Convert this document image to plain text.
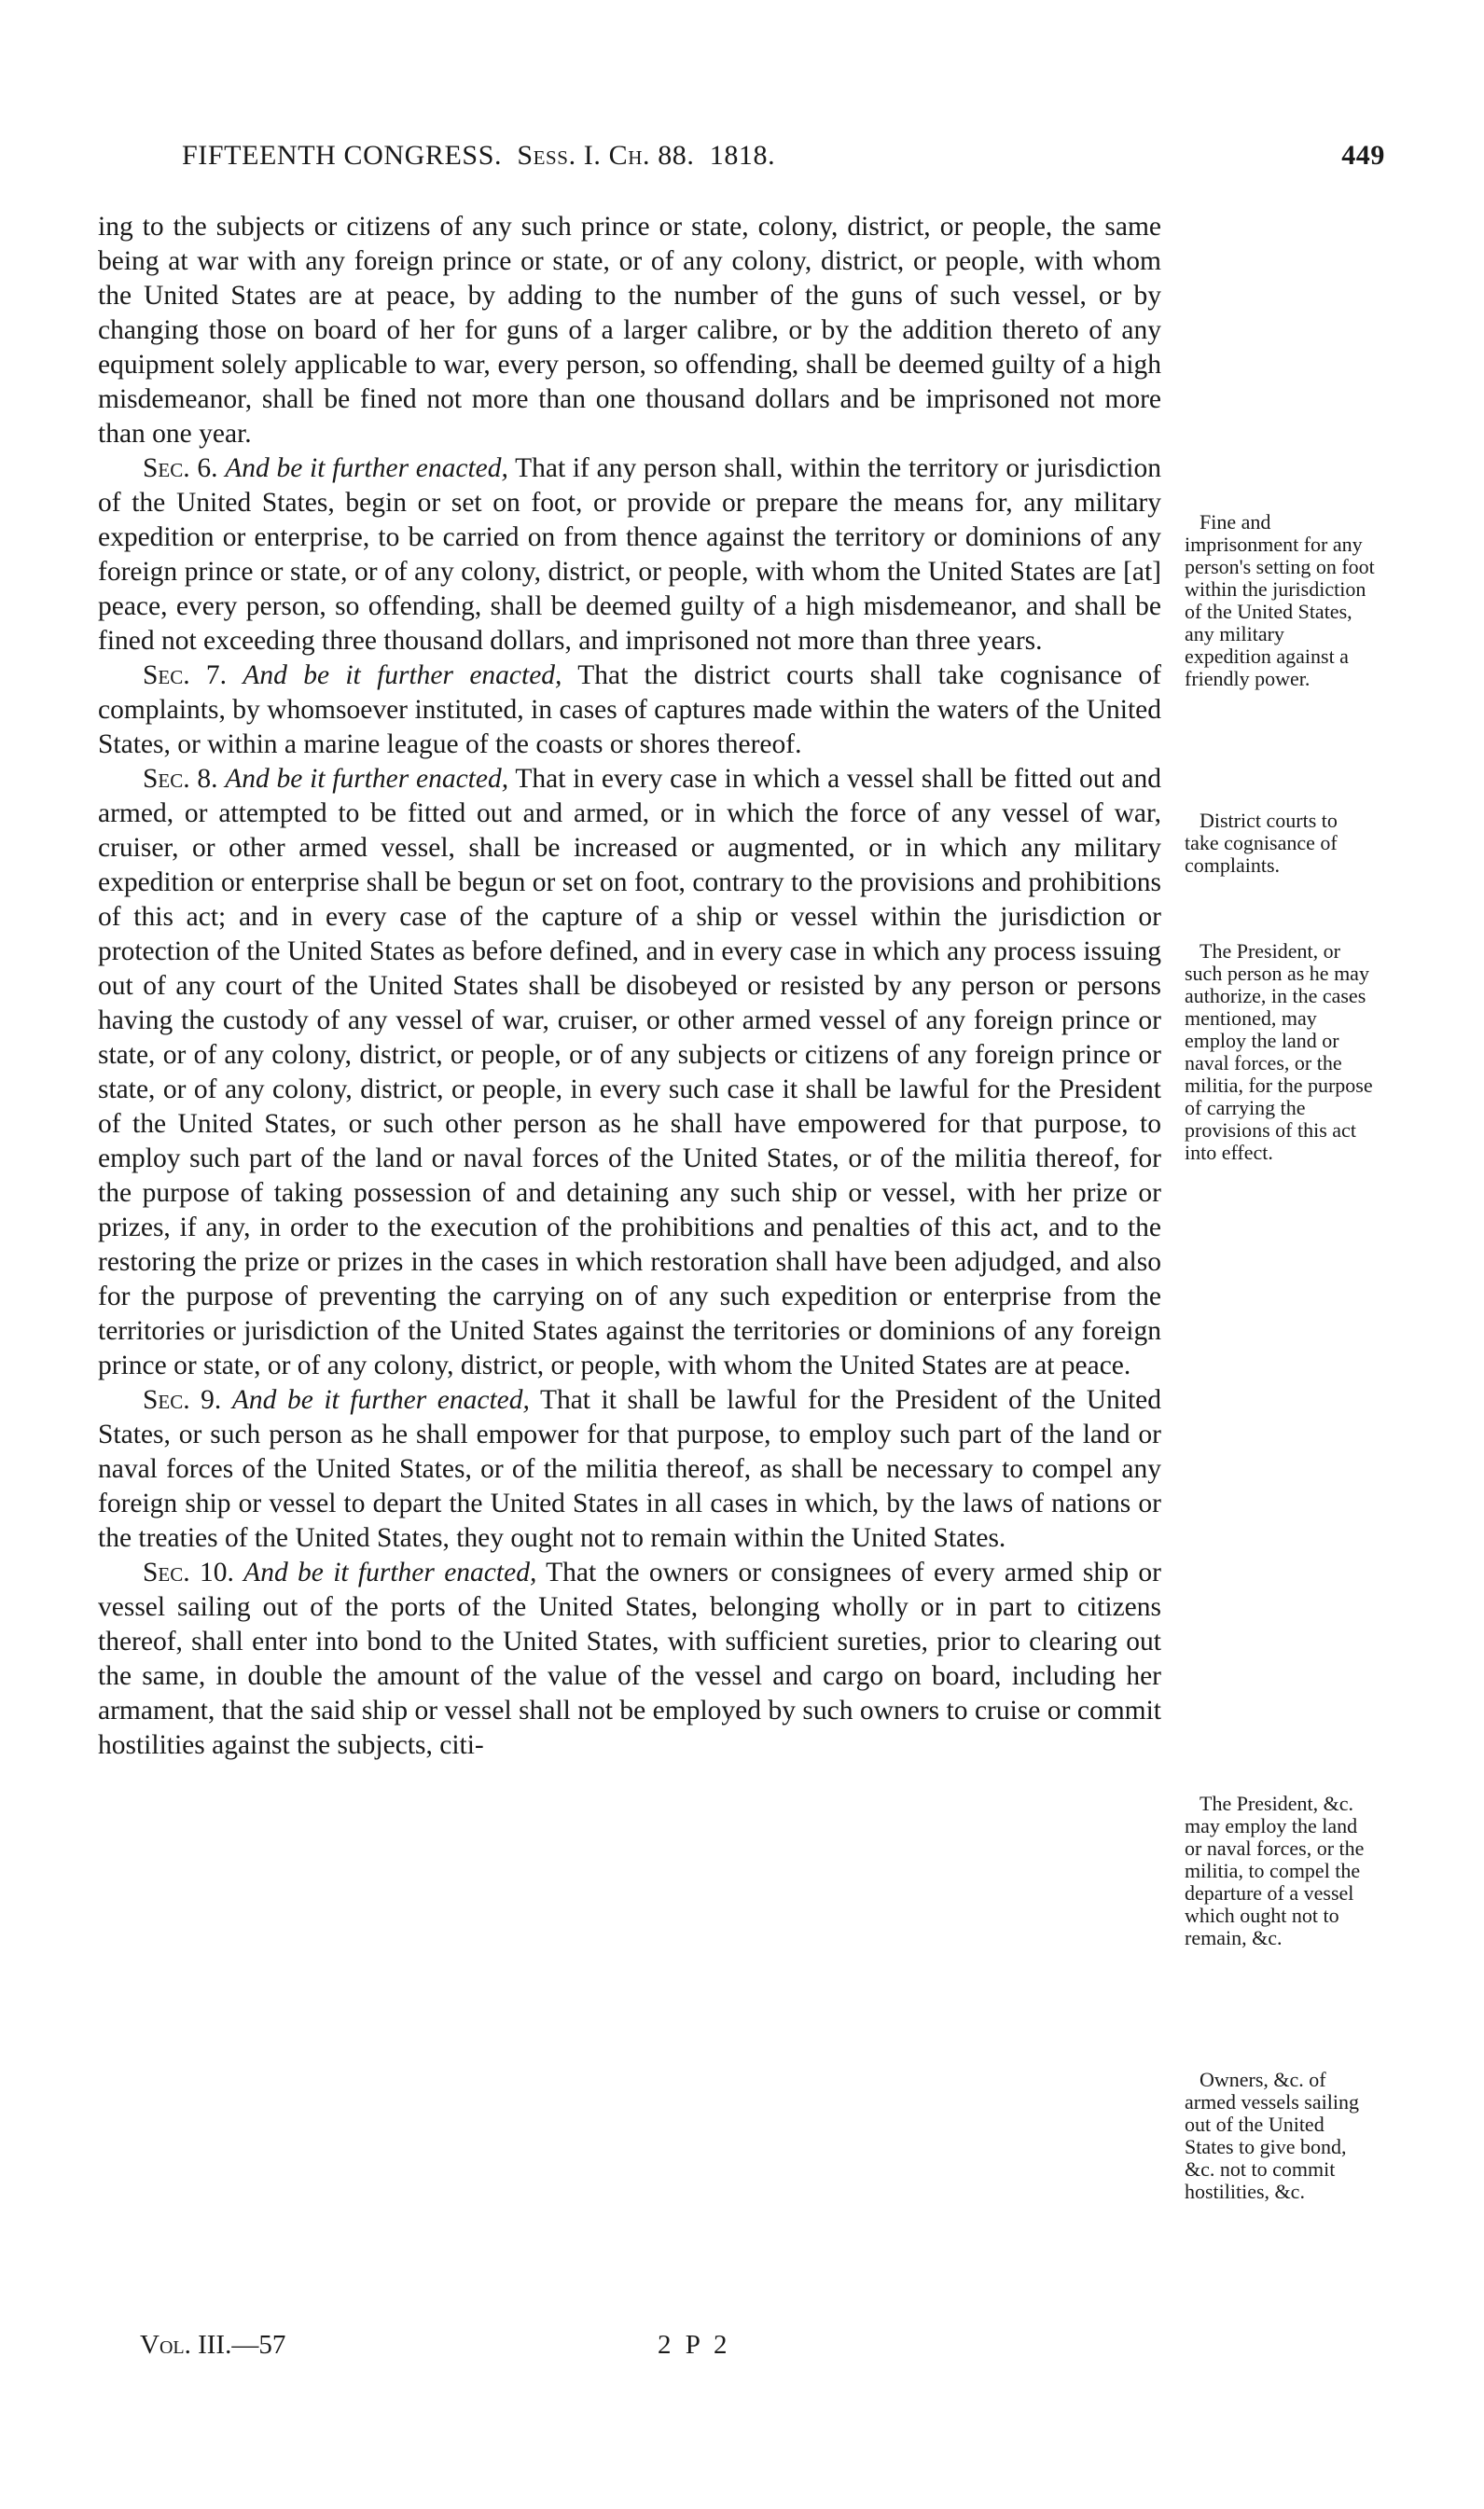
FIFTEENTH CONGRESS. Sess. I. Ch. 88. 1818.	449

ing to the subjects or citizens of any such prince or state, colony, district, or people, the same being at war with any foreign prince or state, or of any colony, district, or people, with whom the United States are at peace, by adding to the number of the guns of such vessel, or by changing those on board of her for guns of a larger calibre, or by the addition thereto of any equipment solely applicable to war, every person, so offending, shall be deemed guilty of a high misdemeanor, shall be fined not more than one thousand dollars and be imprisoned not more than one year.

Sec. 6. And be it further enacted, That if any person shall, within the territory or jurisdiction of the United States, begin or set on foot, or provide or prepare the means for, any military expedition or enterprise, to be carried on from thence against the territory or dominions of any foreign prince or state, or of any colony, district, or people, with whom the United States are [at] peace, every person, so offending, shall be deemed guilty of a high misdemeanor, and shall be fined not exceeding three thousand dollars, and imprisoned not more than three years.

Sec. 7. And be it further enacted, That the district courts shall take cognisance of complaints, by whomsoever instituted, in cases of captures made within the waters of the United States, or within a marine league of the coasts or shores thereof.

Sec. 8. And be it further enacted, That in every case in which a vessel shall be fitted out and armed, or attempted to be fitted out and armed, or in which the force of any vessel of war, cruiser, or other armed vessel, shall be increased or augmented, or in which any military expedition or enterprise shall be begun or set on foot, contrary to the provisions and prohibitions of this act; and in every case of the capture of a ship or vessel within the jurisdiction or protection of the United States as before defined, and in every case in which any process issuing out of any court of the United States shall be disobeyed or resisted by any person or persons having the custody of any vessel of war, cruiser, or other armed vessel of any foreign prince or state, or of any colony, district, or people, or of any subjects or citizens of any foreign prince or state, or of any colony, district, or people, in every such case it shall be lawful for the President of the United States, or such other person as he shall have empowered for that purpose, to employ such part of the land or naval forces of the United States, or of the militia thereof, for the purpose of taking possession of and detaining any such ship or vessel, with her prize or prizes, if any, in order to the execution of the prohibitions and penalties of this act, and to the restoring the prize or prizes in the cases in which restoration shall have been adjudged, and also for the purpose of preventing the carrying on of any such expedition or enterprise from the territories or jurisdiction of the United States against the territories or dominions of any foreign prince or state, or of any colony, district, or people, with whom the United States are at peace.

Sec. 9. And be it further enacted, That it shall be lawful for the President of the United States, or such person as he shall empower for that purpose, to employ such part of the land or naval forces of the United States, or of the militia thereof, as shall be necessary to compel any foreign ship or vessel to depart the United States in all cases in which, by the laws of nations or the treaties of the United States, they ought not to remain within the United States.

Sec. 10. And be it further enacted, That the owners or consignees of every armed ship or vessel sailing out of the ports of the United States, belonging wholly or in part to citizens thereof, shall enter into bond to the United States, with sufficient sureties, prior to clearing out the same, in double the amount of the value of the vessel and cargo on board, including her armament, that the said ship or vessel shall not be employed by such owners to cruise or commit hostilities against the subjects, citi-

Fine and imprisonment for any person's setting on foot within the jurisdiction of the United States, any military expedition against a friendly power.

District courts to take cognisance of complaints.

The President, or such person as he may authorize, in the cases mentioned, may employ the land or naval forces, or the militia, for the purpose of carrying the provisions of this act into effect.

The President, &c. may employ the land or naval forces, or the militia, to compel the departure of a vessel which ought not to remain, &c.

Owners, &c. of armed vessels sailing out of the United States to give bond, &c. not to commit hostilities, &c.

Vol. III.—57	2 P 2
